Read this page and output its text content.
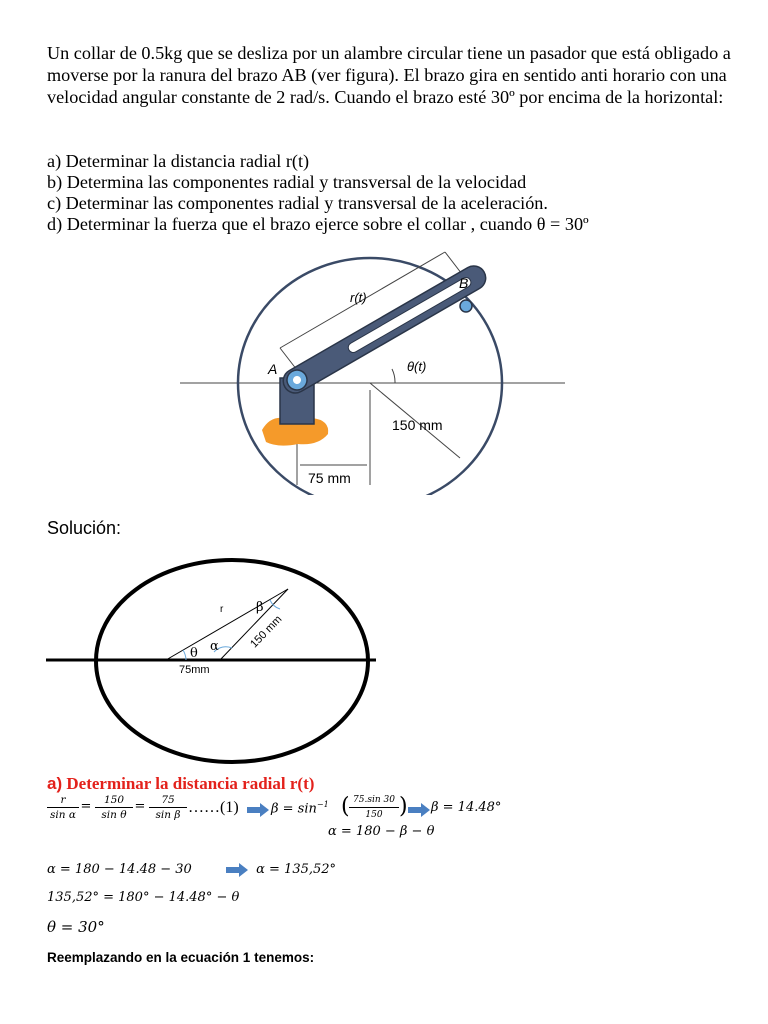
Un collar de 0.5kg que se desliza por un alambre circular tiene un pasador que está obligado a moverse por la ranura del brazo AB (ver figura). El brazo gira en sentido anti horario con una velocidad angular constante de 2 rad/s. Cuando el brazo esté 30º por encima de la horizontal:
a) Determinar la distancia radial r(t)
b) Determina las componentes radial y transversal de la velocidad
c) Determinar las componentes radial y transversal de la aceleración.
d) Determinar la fuerza que el brazo ejerce sobre el collar , cuando θ = 30º
r(t)
B
A	θ(t)
150 mm
75 mm
Solución:
r	β
α
θ
150 mm
75mm
a) Determinar la distancia radial r(t)
r
sin α
=	150
sin θ
=	75
sin β ……(1) $\beta = \sin^{-1}$ ( 75.sin 30
150 ) β = 14.48°
α = 180 − β − θ
α = 180 − 14.48 − 30	α = 135,52°
135,52° = 180° − 14.48° − θ
θ = 30°
Reemplazando en la ecuación 1 tenemos:
